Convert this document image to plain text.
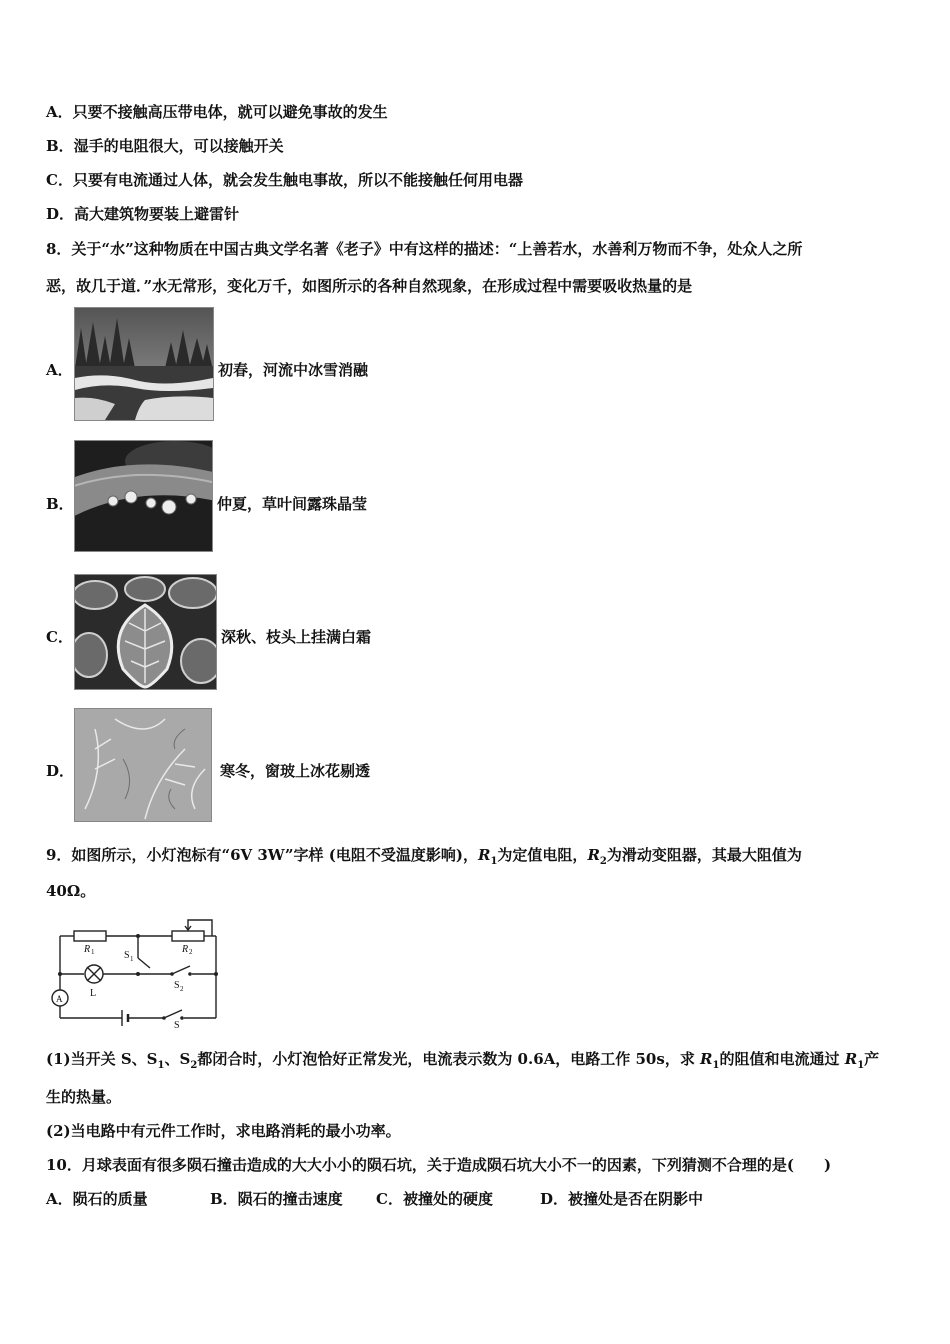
A．只要不接触高压带电体，就可以避免事故的发生
B．湿手的电阻很大，可以接触开关
C．只要有电流通过人体，就会发生触电事故，所以不能接触任何用电器
D．高大建筑物要装上避雷针
8．关于“水”这种物质在中国古典文学名著《老子》中有这样的描述：“上善若水，水善利万物而不争，处众人之所
恶，故几于道．”水无常形，变化万千，如图所示的各种自然现象，在形成过程中需要吸收热量的是
A．	初春，河流中冰雪消融
B．	仲夏，草叶间露珠晶莹
C．	深秋、枝头上挂满白霜
D．	寒冬，窗玻上冰花剔透
9．如图所示，小灯泡标有“6V 3W”字样 (电阻不受温度影响)，$R_1$为定值电阻，$R_2$为滑动变阻器，其最大阻值为
40Ω。
R 1	R 2
S 1
S 2
L
A
S
(1)当开关 S、$S_1$、$S_2$都闭合时，小灯泡恰好正常发光，电流表示数为 0.6A，电路工作 50s，求 $R_1$的阻值和电流通过 $R_1$产
生的热量。
(2)当电路中有元件工作时，求电路消耗的最小功率。
10．月球表面有很多陨石撞击造成的大大小小的陨石坑，关于造成陨石坑大小不一的因素，下列猜测不合理的是(　　)
A．陨石的质量	B．陨石的撞击速度 C．被撞处的硬度	D．被撞处是否在阴影中
